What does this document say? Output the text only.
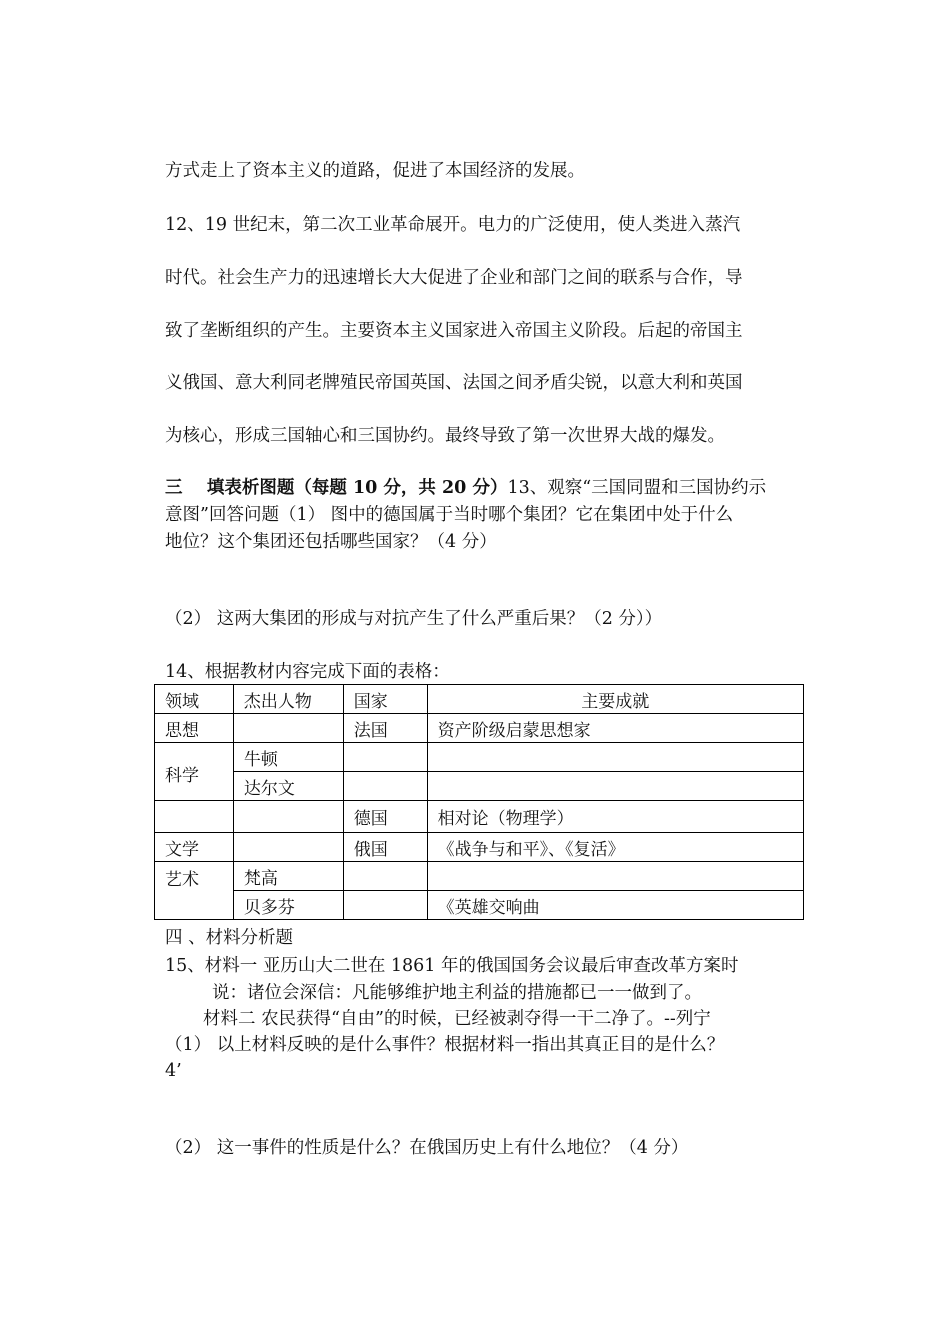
方式走上了资本主义的道路，促进了本国经济的发展。
12、19 世纪末，第二次工业革命展开。电力的广泛使用，使人类进入蒸汽
时代。社会生产力的迅速增长大大促进了企业和部门之间的联系与合作，导
致了垄断组织的产生。主要资本主义国家进入帝国主义阶段。后起的帝国主
义俄国、意大利同老牌殖民帝国英国、法国之间矛盾尖锐，以意大利和英国
为核心，形成三国轴心和三国协约。最终导致了第一次世界大战的爆发。
三    填表析图题（每题 10 分，共 20 分）13、观察“三国同盟和三国协约示
意图”回答问题（1） 图中的德国属于当时哪个集团？它在集团中处于什么
地位？这个集团还包括哪些国家？（4 分）
（2） 这两大集团的形成与对抗产生了什么严重后果？（2 分））
14、根据教材内容完成下面的表格：
领域	杰出人物	国家	主要成就
思想		法国	资产阶级启蒙思想家
科学	牛顿		
	达尔文		
		德国	相对论（物理学）
文学		俄国	《战争与和平》、《复活》
艺术	梵高		
	贝多芬		《英雄交响曲
四 、材料分析题
15、材料一 亚历山大二世在 1861 年的俄国国务会议最后审查改革方案时
说：诸位会深信：凡能够维护地主利益的措施都已一一做到了。
材料二 农民获得“自由”的时候，已经被剥夺得一干二净了。--列宁
（1） 以上材料反映的是什么事件？根据材料一指出其真正目的是什么？
4’
（2） 这一事件的性质是什么？在俄国历史上有什么地位？（4 分）
